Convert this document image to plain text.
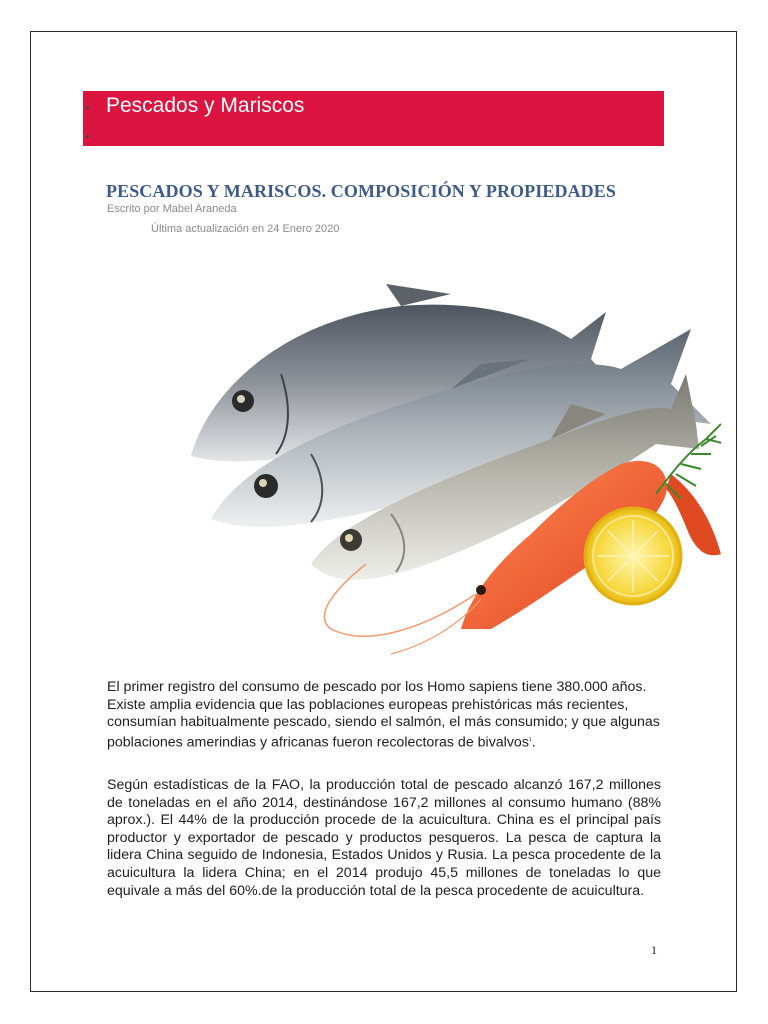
Pescados y Mariscos
PESCADOS Y MARISCOS. COMPOSICIÓN Y PROPIEDADES
Escrito por Mabel Araneda
Última actualización en 24 Enero 2020
El primer registro del consumo de pescado por los Homo sapiens tiene 380.000 años. Existe amplia evidencia que las poblaciones europeas prehistóricas más recientes, consumían habitualmente pescado, siendo el salmón, el más consumido; y que algunas poblaciones amerindias y africanas fueron recolectoras de bivalvos$^1$.
Según estadísticas de la FAO, la producción total de pescado alcanzó 167,2 millones de toneladas en el año 2014, destinándose 167,2 millones al consumo humano (88% aprox.). El 44% de la producción procede de la acuicultura. China es el principal país productor y exportador de pescado y productos pesqueros. La pesca de captura la lidera China seguido de Indonesia, Estados Unidos y Rusia. La pesca procedente de la acuicultura la lidera China; en el 2014 produjo 45,5 millones de toneladas lo que equivale a más del 60%.de la producción total de la pesca procedente de acuicultura.
1
